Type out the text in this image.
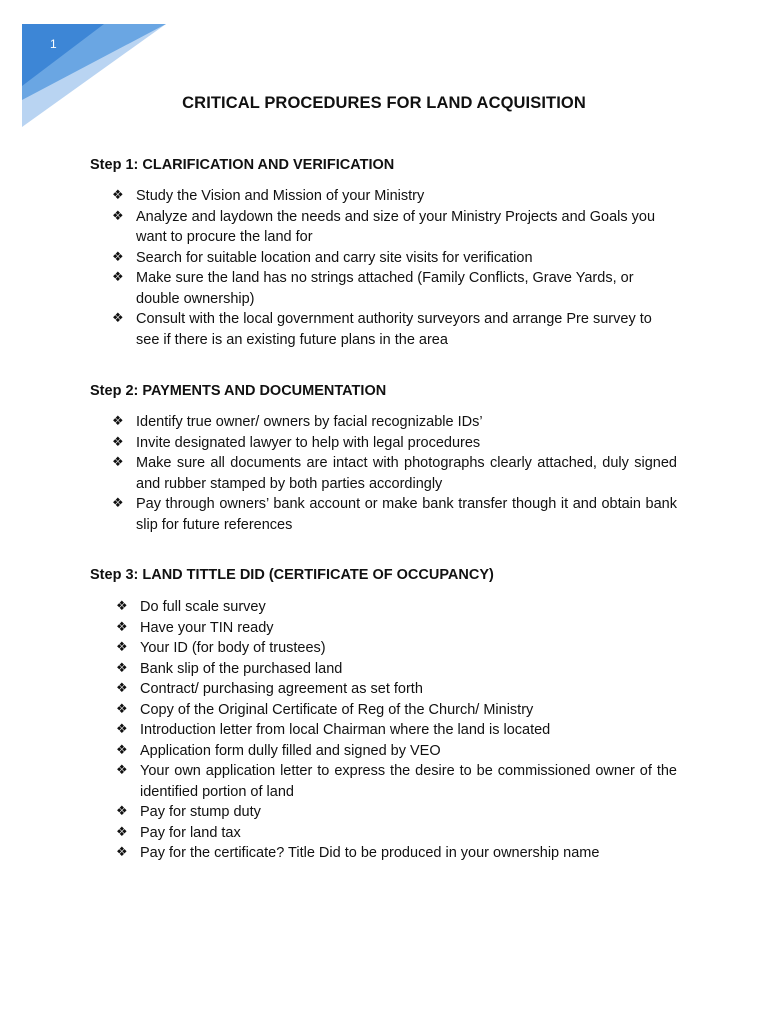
1
CRITICAL PROCEDURES FOR LAND ACQUISITION
Step 1: CLARIFICATION AND VERIFICATION
❖ Study the Vision and Mission of your Ministry
❖ Analyze and laydown the needs and size of your Ministry Projects and Goals you want to procure the land for
❖ Search for suitable location and carry site visits for verification
❖ Make sure the land has no strings attached (Family Conflicts, Grave Yards, or double ownership)
❖ Consult with the local government authority surveyors and arrange Pre survey to see if there is an existing future plans in the area
Step 2: PAYMENTS AND DOCUMENTATION
❖ Identify true owner/ owners by facial recognizable IDs’
❖ Invite designated lawyer to help with legal procedures
❖ Make sure all documents are intact with photographs clearly attached, duly signed and rubber stamped by both parties accordingly
❖ Pay through owners’ bank account or make bank transfer though it and obtain bank slip for future references
Step 3: LAND TITTLE DID (CERTIFICATE OF OCCUPANCY)
❖ Do full scale survey
❖ Have your TIN ready
❖ Your ID (for body of trustees)
❖ Bank slip of the purchased land
❖ Contract/ purchasing agreement as set forth
❖ Copy of the Original Certificate of Reg of the Church/ Ministry
❖ Introduction letter from local Chairman where the land is located
❖ Application form dully filled and signed by VEO
❖ Your own application letter to express the desire to be commissioned owner of the identified portion of land
❖ Pay for stump duty
❖ Pay for land tax
❖ Pay for the certificate? Title Did to be produced in your ownership name
